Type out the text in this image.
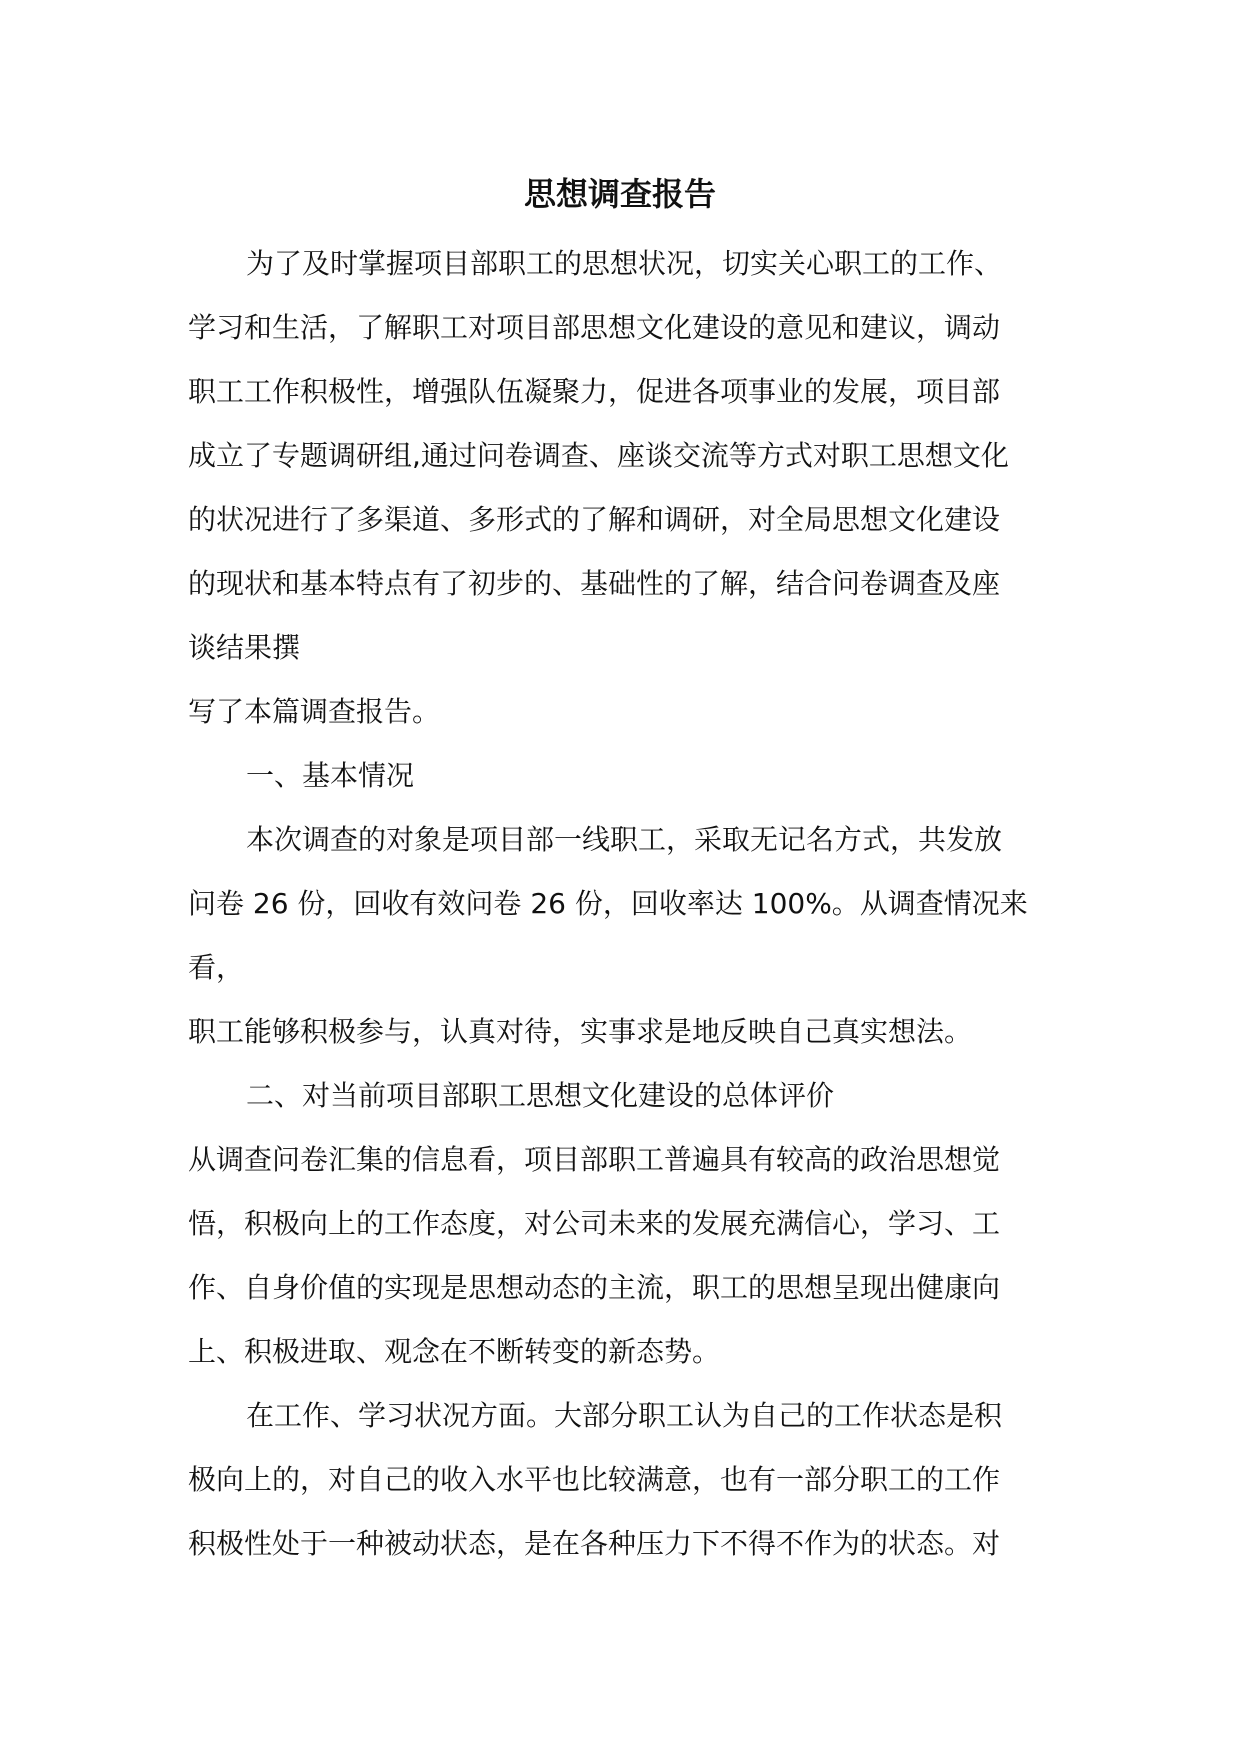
思想调查报告

为了及时掌握项目部职工的思想状况，切实关心职工的工作、

学习和生活，了解职工对项目部思想文化建设的意见和建议，调动

职工工作积极性，增强队伍凝聚力，促进各项事业的发展，项目部

成立了专题调研组,通过问卷调查、座谈交流等方式对职工思想文化

的状况进行了多渠道、多形式的了解和调研，对全局思想文化建设

的现状和基本特点有了初步的、基础性的了解，结合问卷调查及座

谈结果撰

写了本篇调查报告。

一、基本情况

本次调查的对象是项目部一线职工，采取无记名方式，共发放

问卷 26 份，回收有效问卷 26 份，回收率达 100%。从调查情况来

看，

职工能够积极参与，认真对待，实事求是地反映自己真实想法。

二、对当前项目部职工思想文化建设的总体评价

从调查问卷汇集的信息看，项目部职工普遍具有较高的政治思想觉

悟，积极向上的工作态度，对公司未来的发展充满信心，学习、工

作、自身价值的实现是思想动态的主流，职工的思想呈现出健康向

上、积极进取、观念在不断转变的新态势。

在工作、学习状况方面。大部分职工认为自己的工作状态是积

极向上的，对自己的收入水平也比较满意，也有一部分职工的工作

积极性处于一种被动状态，是在各种压力下不得不作为的状态。对
